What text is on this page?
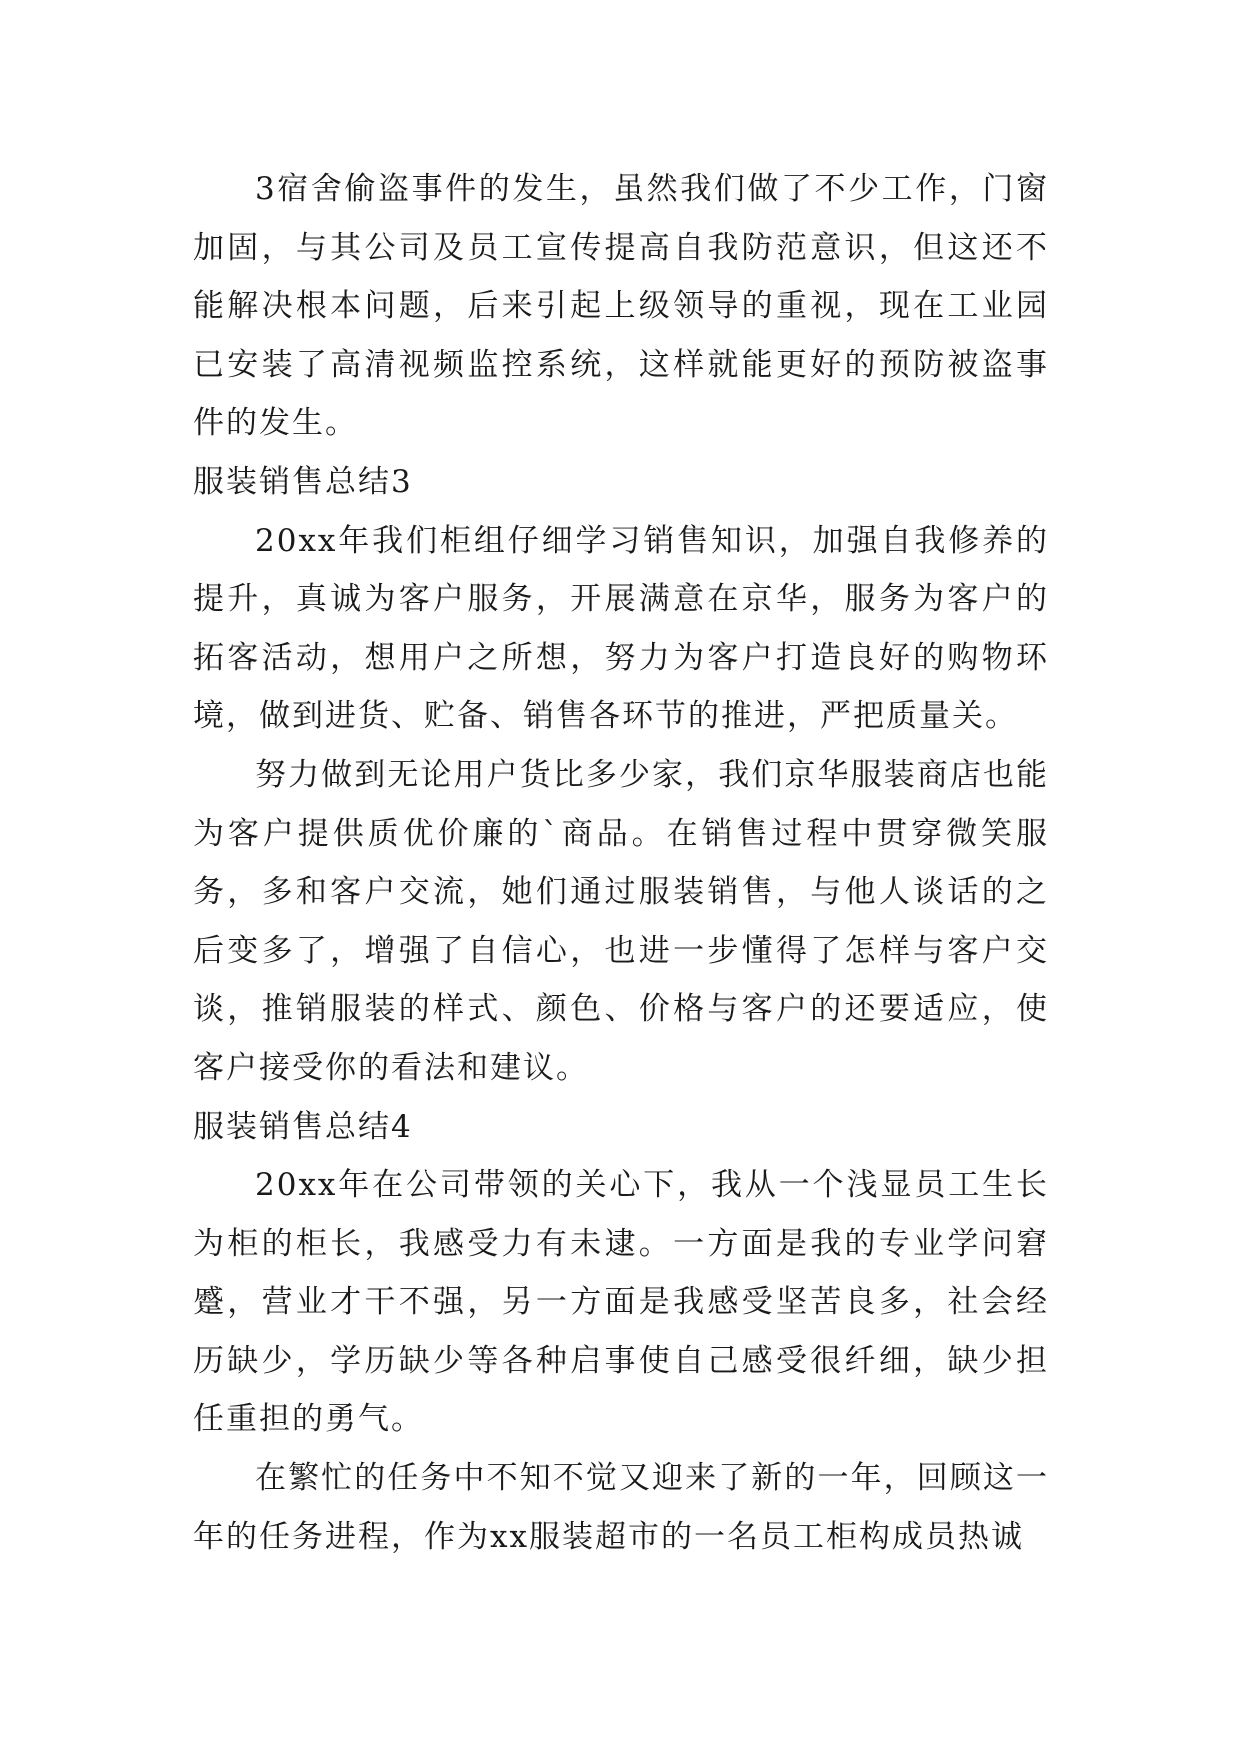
3宿舍偷盗事件的发生，虽然我们做了不少工作，门窗加固，与其公司及员工宣传提高自我防范意识，但这还不能解决根本问题，后来引起上级领导的重视，现在工业园已安装了高清视频监控系统，这样就能更好的预防被盗事件的发生。

服装销售总结3

20xx年我们柜组仔细学习销售知识，加强自我修养的提升，真诚为客户服务，开展满意在京华，服务为客户的拓客活动，想用户之所想，努力为客户打造良好的购物环境，做到进货、贮备、销售各环节的推进，严把质量关。

努力做到无论用户货比多少家，我们京华服装商店也能为客户提供质优价廉的`商品。在销售过程中贯穿微笑服务，多和客户交流，她们通过服装销售，与他人谈话的之后变多了，增强了自信心，也进一步懂得了怎样与客户交谈，推销服装的样式、颜色、价格与客户的还要适应，使客户接受你的看法和建议。

服装销售总结4

20xx年在公司带领的关心下，我从一个浅显员工生长为柜的柜长，我感受力有未逮。一方面是我的专业学问窘蹙，营业才干不强，另一方面是我感受坚苦良多，社会经历缺少，学历缺少等各种启事使自己感受很纤细，缺少担任重担的勇气。

在繁忙的任务中不知不觉又迎来了新的一年，回顾这一年的任务进程，作为xx服装超市的一名员工柜构成员热诚
